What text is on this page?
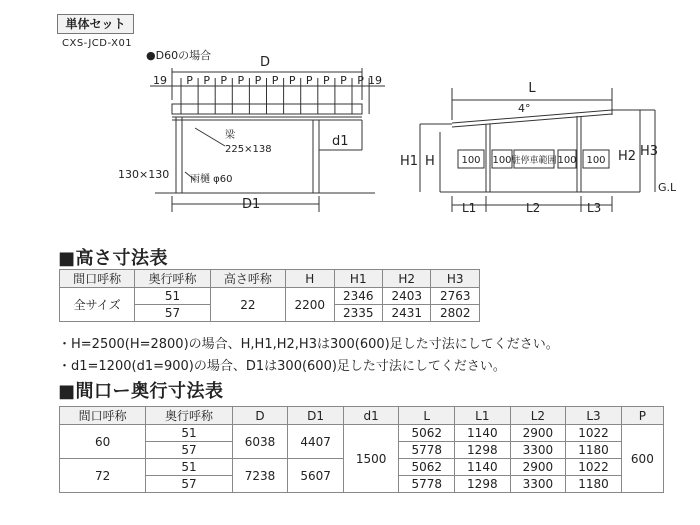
単体セット
CXS-JCD-X01
●D60の場合
P P P P P P P P P P P
D
19	19
梁
225×138
d1
130×130 雨樋 φ60
D1
100 100 駐停車範囲 100 100
L
4°
H1 H	H2 H3
G.L
L1	L2	L3
■高さ寸法表
間口呼称	奥行呼称	高さ呼称	H	H1	H2	H3
全サイズ	51	22	2200	2346	2403	2763
	57			2335	2431	2802
・H=2500(H=2800)の場合、H,H1,H2,H3は300(600)足した寸法にしてください。
・d1=1200(d1=900)の場合、D1は300(600)足した寸法にしてください。
■間口ー奥行寸法表
間口呼称	奥行呼称	D	D1	d1	L	L1	L2	L3	P
60	51	6038	4407	1500	5062	1140	2900	1022	600
	57				5778	1298	3300	1180	
72	51	7238	5607		5062	1140	2900	1022	
	57				5778	1298	3300	1180	
